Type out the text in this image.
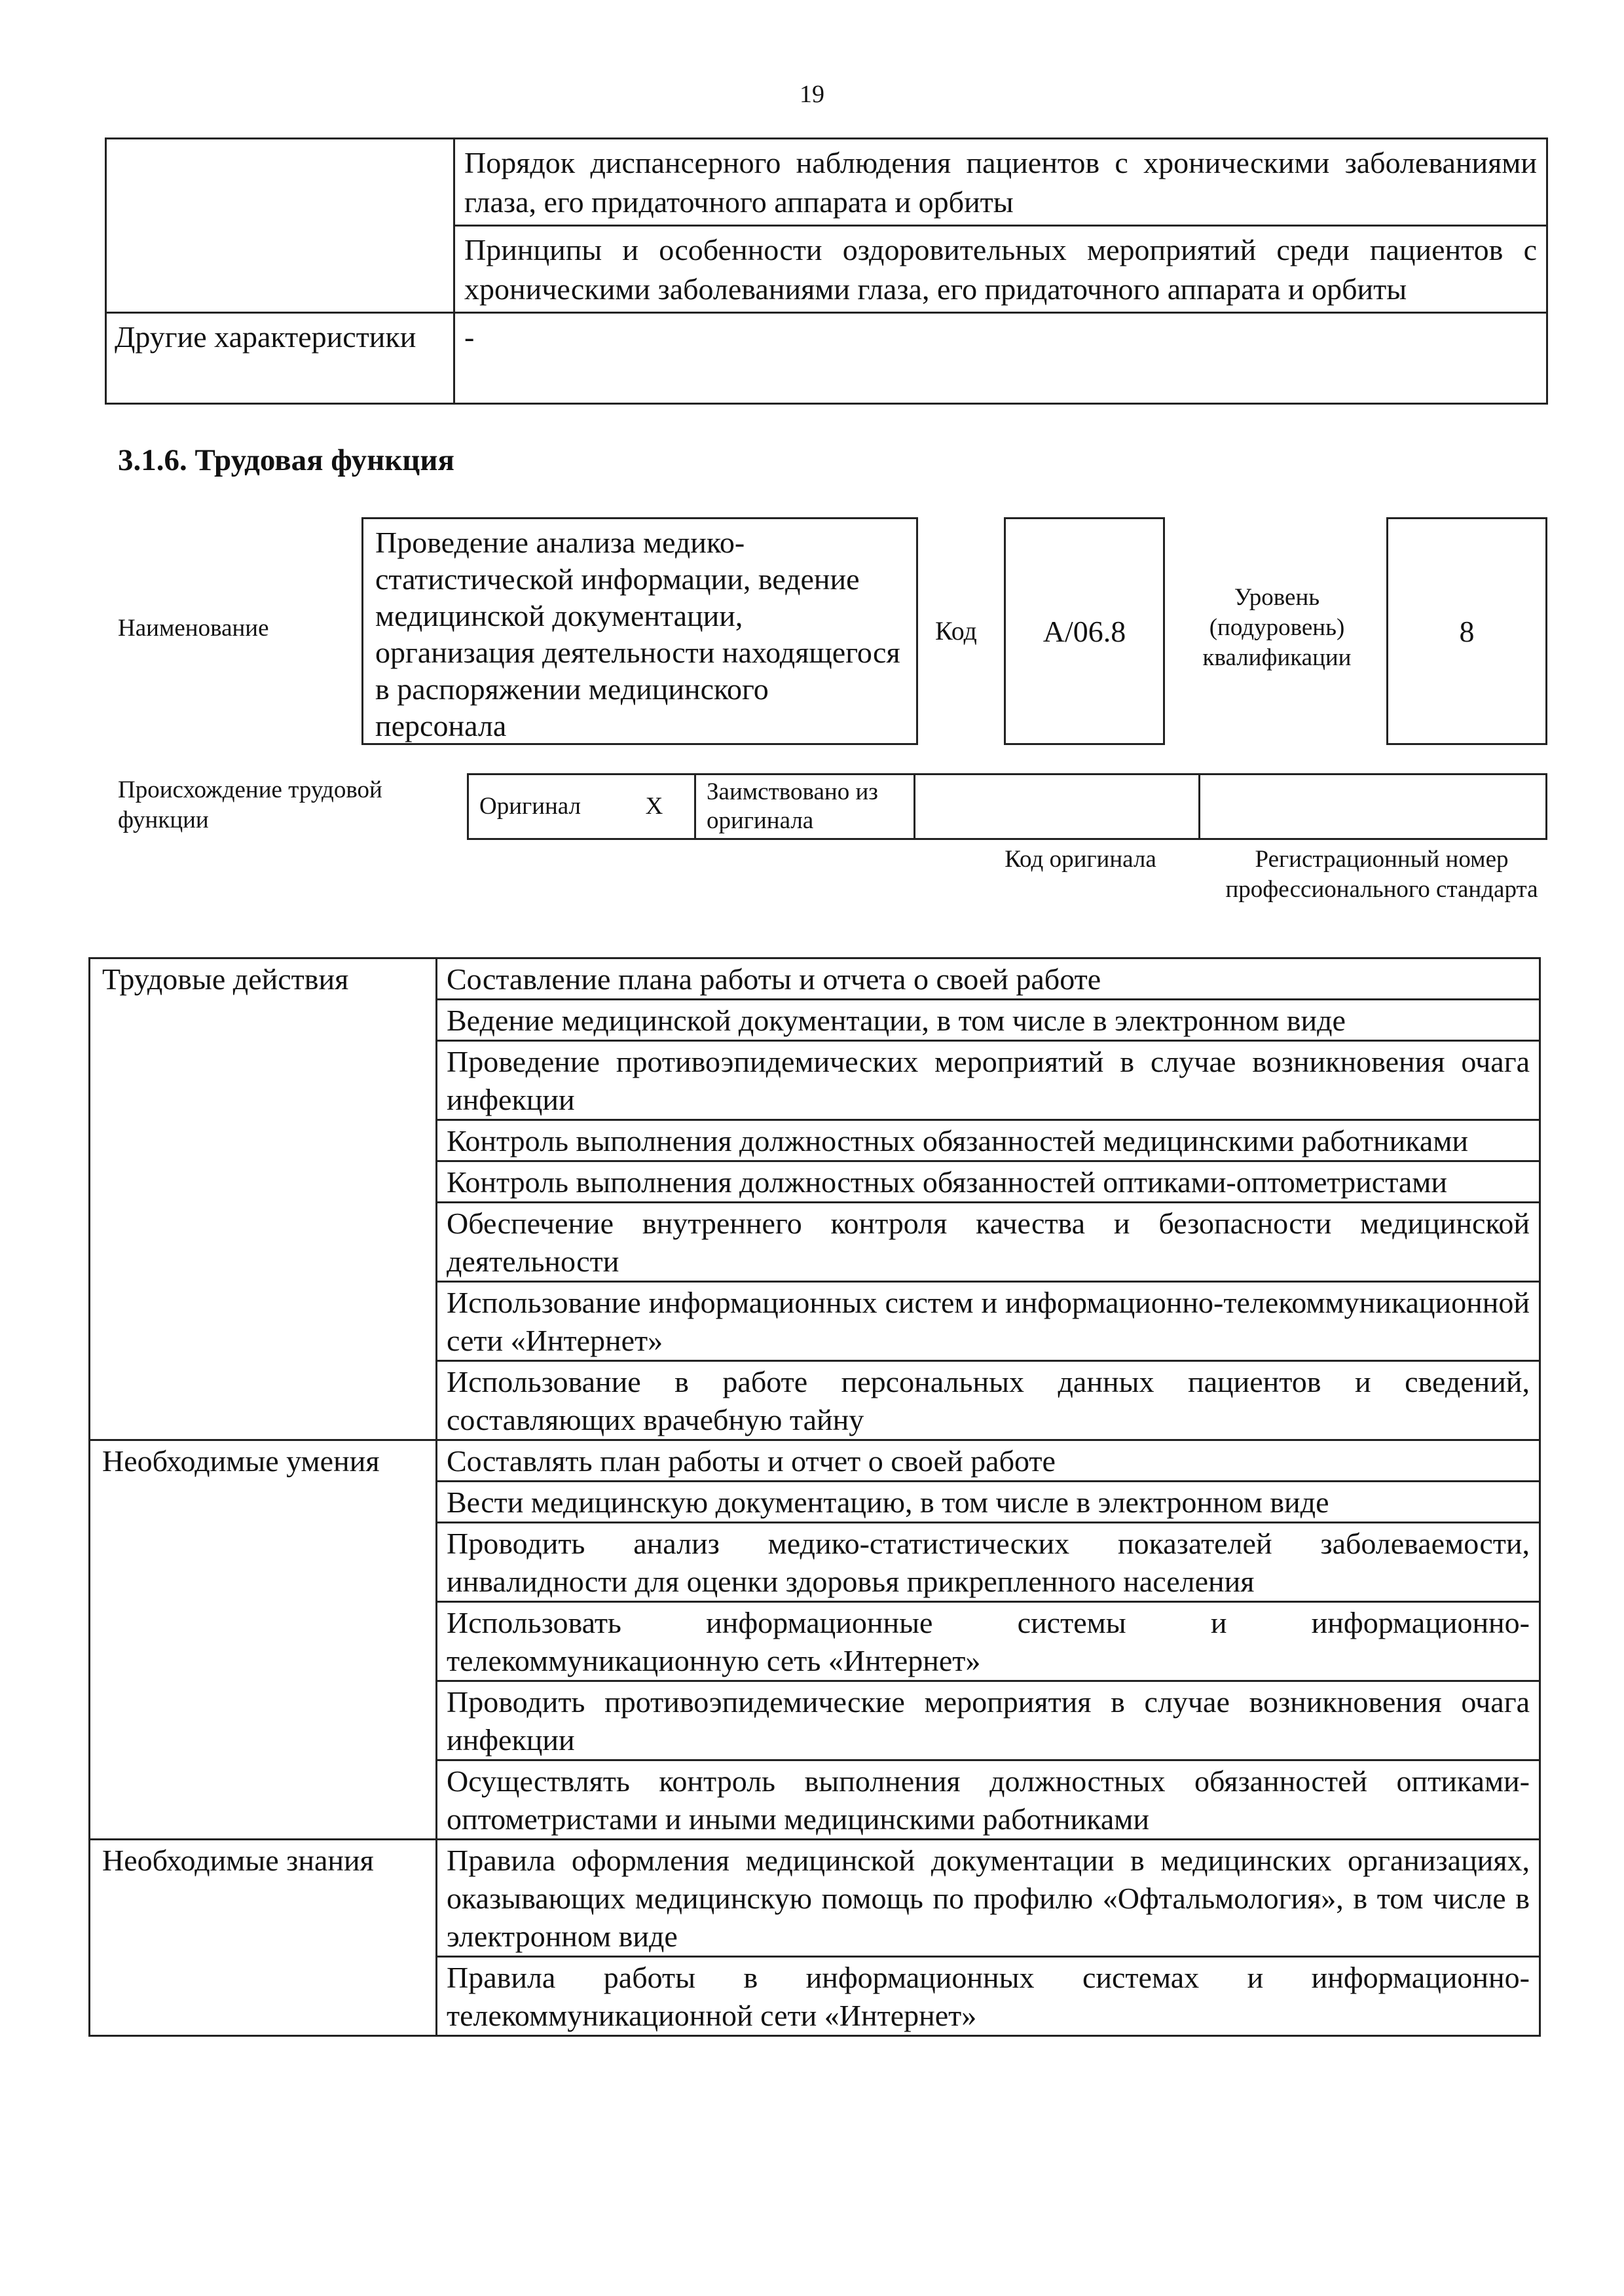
19
	Порядок диспансерного наблюдения пациентов с хроническими заболеваниями глаза, его придаточного аппарата и орбиты
	Принципы и особенности оздоровительных мероприятий среди пациентов с хроническими заболеваниями глаза, его придаточного аппарата и орбиты
Другие характеристики	-
3.1.6. Трудовая функция
Наименование
Проведение анализа медико-статистической информации, ведение медицинской документации, организация деятельности находящегося в распоряжении медицинского персонала
Код	A/06.8
Уровень (подуровень) квалификации
8
Происхождение трудовой функции
Оригинал	X	Заимствовано из оригинала		
Код оригинала	Регистрационный номер профессионального стандарта
Трудовые действия	Составление плана работы и отчета о своей работе
	Ведение медицинской документации, в том числе в электронном виде
	Проведение противоэпидемических мероприятий в случае возникновения очага инфекции
	Контроль выполнения должностных обязанностей медицинскими работниками
	Контроль выполнения должностных обязанностей оптиками-оптометристами
	Обеспечение внутреннего контроля качества и безопасности медицинской деятельности
	Использование информационных систем и информационно-телекоммуникационной сети «Интернет»
	Использование в работе персональных данных пациентов и сведений, составляющих врачебную тайну
Необходимые умения	Составлять план работы и отчет о своей работе
	Вести медицинскую документацию, в том числе в электронном виде
	Проводить анализ медико-статистических показателей заболеваемости, инвалидности для оценки здоровья прикрепленного населения
	Использовать информационные системы и информационно-телекоммуникационную сеть «Интернет»
	Проводить противоэпидемические мероприятия в случае возникновения очага инфекции
	Осуществлять контроль выполнения должностных обязанностей оптиками-оптометристами и иными медицинскими работниками
Необходимые знания	Правила оформления медицинской документации в медицинских организациях, оказывающих медицинскую помощь по профилю «Офтальмология», в том числе в электронном виде
	Правила работы в информационных системах и информационно-телекоммуникационной сети «Интернет»
